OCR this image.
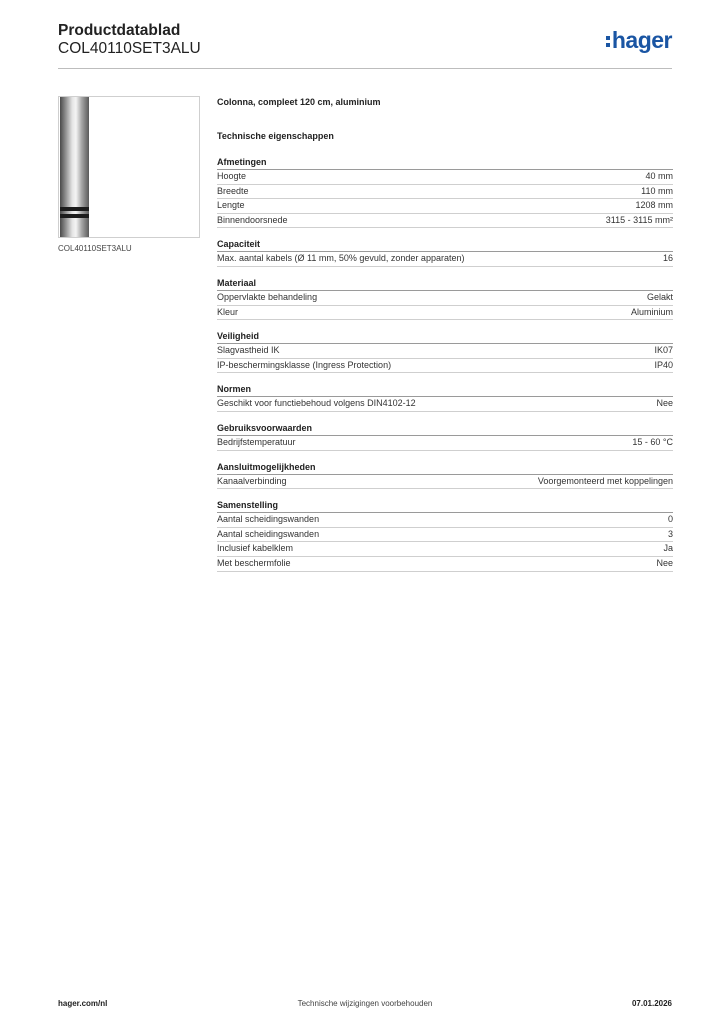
Productdatablad
COL40110SET3ALU	hager
COL40110SET3ALU
Colonna, compleet 120 cm, aluminium
Technische eigenschappen
Afmetingen
Hoogte	40 mm
Breedte	110 mm
Lengte	1208 mm
Binnendoorsnede	3115 - 3115 mm²
Capaciteit
Max. aantal kabels (Ø 11 mm, 50% gevuld, zonder apparaten)	16
Materiaal
Oppervlakte behandeling	Gelakt
Kleur	Aluminium
Veiligheid
Slagvastheid IK	IK07
IP-beschermingsklasse (Ingress Protection)	IP40
Normen
Geschikt voor functiebehoud volgens DIN4102-12	Nee
Gebruiksvoorwaarden
Bedrijfstemperatuur	15 - 60 °C
Aansluitmogelijkheden
Kanaalverbinding	Voorgemonteerd met koppelingen
Samenstelling
Aantal scheidingswanden	0
Aantal scheidingswanden	3
Inclusief kabelklem	Ja
Met beschermfolie	Nee
hager.com/nl	Technische wijzigingen voorbehouden	07.01.2026
